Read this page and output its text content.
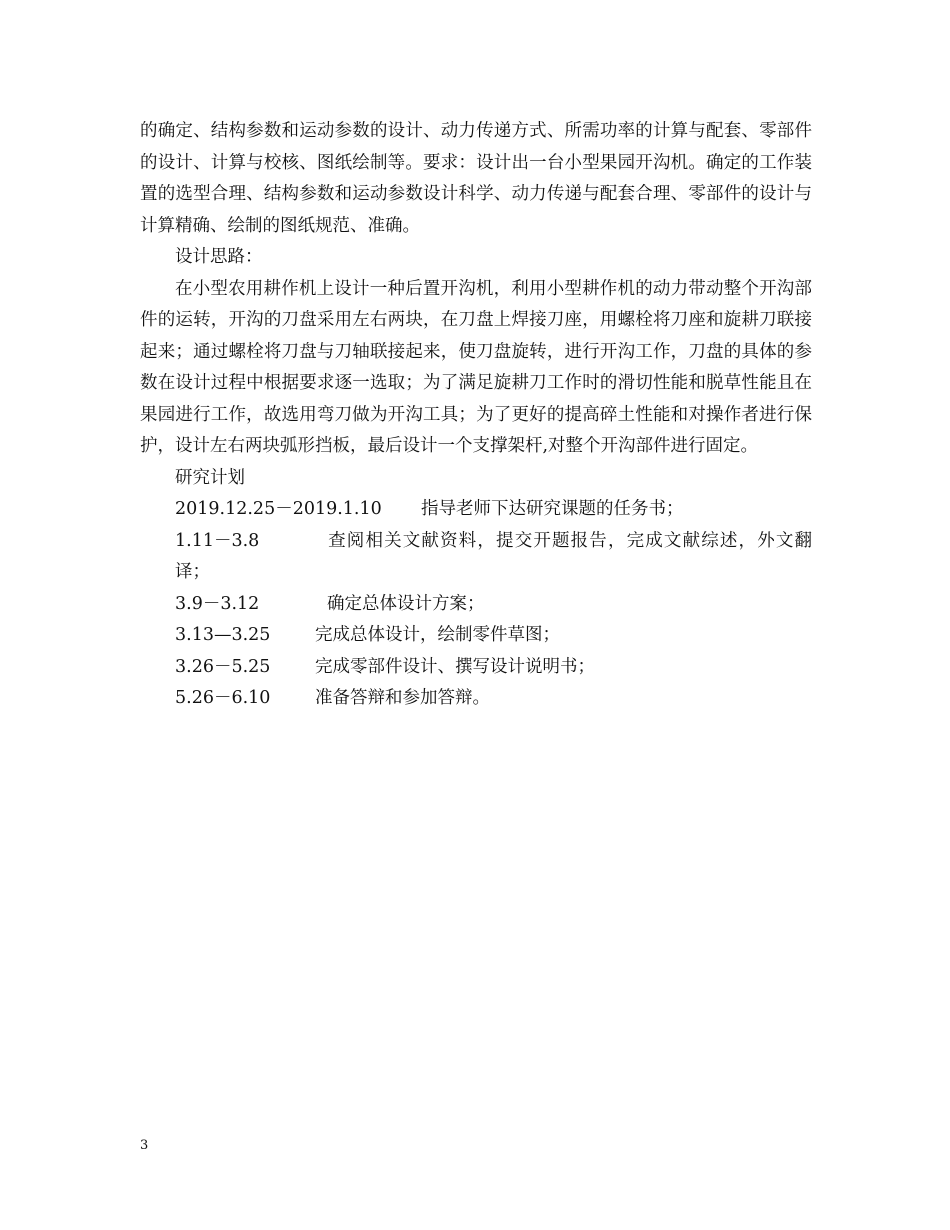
的确定、结构参数和运动参数的设计、动力传递方式、所需功率的计算与配套、零部件的设计、计算与校核、图纸绘制等。要求：设计出一台小型果园开沟机。确定的工作装置的选型合理、结构参数和运动参数设计科学、动力传递与配套合理、零部件的设计与计算精确、绘制的图纸规范、准确。

设计思路：

在小型农用耕作机上设计一种后置开沟机，利用小型耕作机的动力带动整个开沟部件的运转，开沟的刀盘采用左右两块，在刀盘上焊接刀座，用螺栓将刀座和旋耕刀联接起来；通过螺栓将刀盘与刀轴联接起来，使刀盘旋转，进行开沟工作，刀盘的具体的参数在设计过程中根据要求逐一选取；为了满足旋耕刀工作时的滑切性能和脱草性能且在果园进行工作，故选用弯刀做为开沟工具；为了更好的提高碎土性能和对操作者进行保护，设计左右两块弧形挡板，最后设计一个支撑架杆,对整个开沟部件进行固定。

研究计划

2019.12.25－2019.1.10 指导老师下达研究课题的任务书；

1.11－3.8	查阅相关文献资料，提交开题报告，完成文献综述，外文翻译；

3.9－3.12	确定总体设计方案；

3.13—3.25	完成总体设计，绘制零件草图；

3.26－5.25	完成零部件设计、撰写设计说明书；

5.26－6.10	准备答辩和参加答辩。

3
